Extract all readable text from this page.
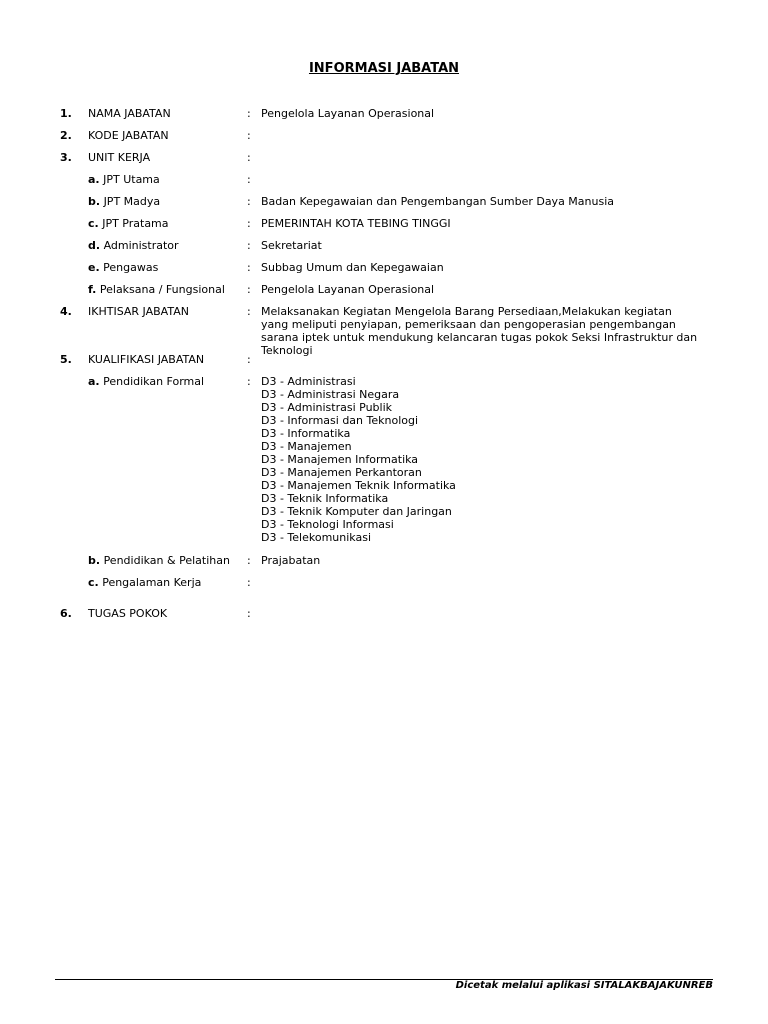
INFORMASI JABATAN
1. NAMA JABATAN	: Pengelola Layanan Operasional
2. KODE JABATAN	:
3. UNIT KERJA	:
a. JPT Utama	:
b. JPT Madya	: Badan Kepegawaian dan Pengembangan Sumber Daya Manusia
c. JPT Pratama	: PEMERINTAH KOTA TEBING TINGGI
d. Administrator	: Sekretariat
e. Pengawas	: Subbag Umum dan Kepegawaian
f. Pelaksana / Fungsional : Pengelola Layanan Operasional
4. IKHTISAR JABATAN	: Melaksanakan Kegiatan Mengelola Barang Persediaan,Melakukan kegiatan yang meliputi penyiapan, pemeriksaan dan pengoperasian pengembangan sarana iptek untuk mendukung kelancaran tugas pokok Seksi Infrastruktur dan Teknologi
5. KUALIFIKASI JABATAN	:
a. Pendidikan Formal	: D3 - Administrasi
D3 - Administrasi Negara
D3 - Administrasi Publik
D3 - Informasi dan Teknologi
D3 - Informatika
D3 - Manajemen
D3 - Manajemen Informatika
D3 - Manajemen Perkantoran
D3 - Manajemen Teknik Informatika
D3 - Teknik Informatika
D3 - Teknik Komputer dan Jaringan
D3 - Teknologi Informasi
D3 - Telekomunikasi
b. Pendidikan & Pelatihan : Prajabatan
c. Pengalaman Kerja	:
6. TUGAS POKOK	:
Dicetak melalui aplikasi SITALAKBAJAKUNREB
